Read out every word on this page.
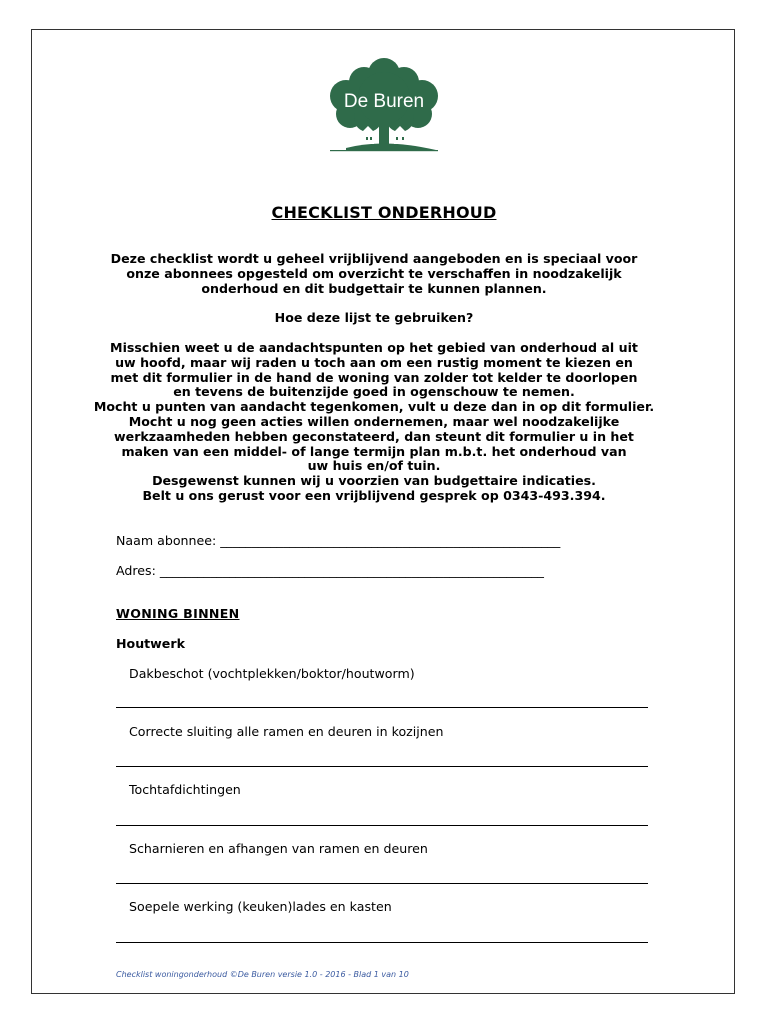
De Buren
CHECKLIST ONDERHOUD
Deze checklist wordt u geheel vrijblijvend aangeboden en is speciaal voor
onze abonnees opgesteld om overzicht te verschaffen in noodzakelijk
onderhoud en dit budgettair te kunnen plannen.
Hoe deze lijst te gebruiken?
Misschien weet u de aandachtspunten op het gebied van onderhoud al uit
uw hoofd, maar wij raden u toch aan om een rustig moment te kiezen en
met dit formulier in de hand de woning van zolder tot kelder te doorlopen
en tevens de buitenzijde goed in ogenschouw te nemen.
Mocht u punten van aandacht tegenkomen, vult u deze dan in op dit formulier.
Mocht u nog geen acties willen ondernemen, maar wel noodzakelijke
werkzaamheden hebben geconstateerd, dan steunt dit formulier u in het
maken van een middel- of lange termijn plan m.b.t. het onderhoud van
uw huis en/of tuin.
Desgewenst kunnen wij u voorzien van budgettaire indicaties.
Belt u ons gerust voor een vrijblijvend gesprek op 0343-493.394.
Naam abonnee: ______________________________________________________
Adres: _____________________________________________________________
WONING BINNEN
Houtwerk
Dakbeschot (vochtplekken/boktor/houtworm)
Correcte sluiting alle ramen en deuren in kozijnen
Tochtafdichtingen
Scharnieren en afhangen van ramen en deuren
Soepele werking (keuken)lades en kasten
Checklist woningonderhoud ©De Buren versie 1.0 - 2016 - Blad 1 van 10
